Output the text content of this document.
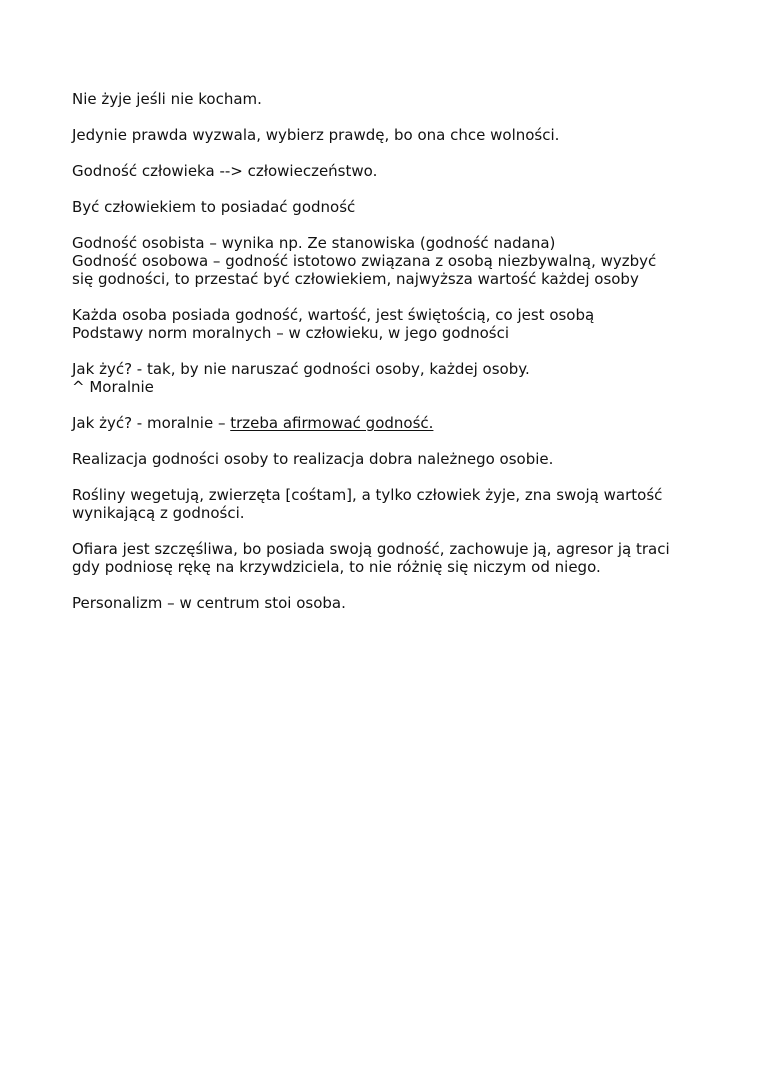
Nie żyje jeśli nie kocham.

Jedynie prawda wyzwala, wybierz prawdę, bo ona chce wolności.

Godność człowieka --> człowieczeństwo.

Być człowiekiem to posiadać godność

Godność osobista – wynika np. Ze stanowiska (godność nadana)
Godność osobowa – godność istotowo związana z osobą niezbywalną, wyzbyć
się godności, to przestać być człowiekiem, najwyższa wartość każdej osoby

Każda osoba posiada godność, wartość, jest świętością, co jest osobą
Podstawy norm moralnych – w człowieku, w jego godności

Jak żyć? - tak, by nie naruszać godności osoby, każdej osoby.
^ Moralnie

Jak żyć? - moralnie – trzeba afirmować godność.

Realizacja godności osoby to realizacja dobra należnego osobie.

Rośliny wegetują, zwierzęta [cośtam], a tylko człowiek żyje, zna swoją wartość
wynikającą z godności.

Ofiara jest szczęśliwa, bo posiada swoją godność, zachowuje ją, agresor ją traci
gdy podniosę rękę na krzywdziciela, to nie różnię się niczym od niego.

Personalizm – w centrum stoi osoba.
